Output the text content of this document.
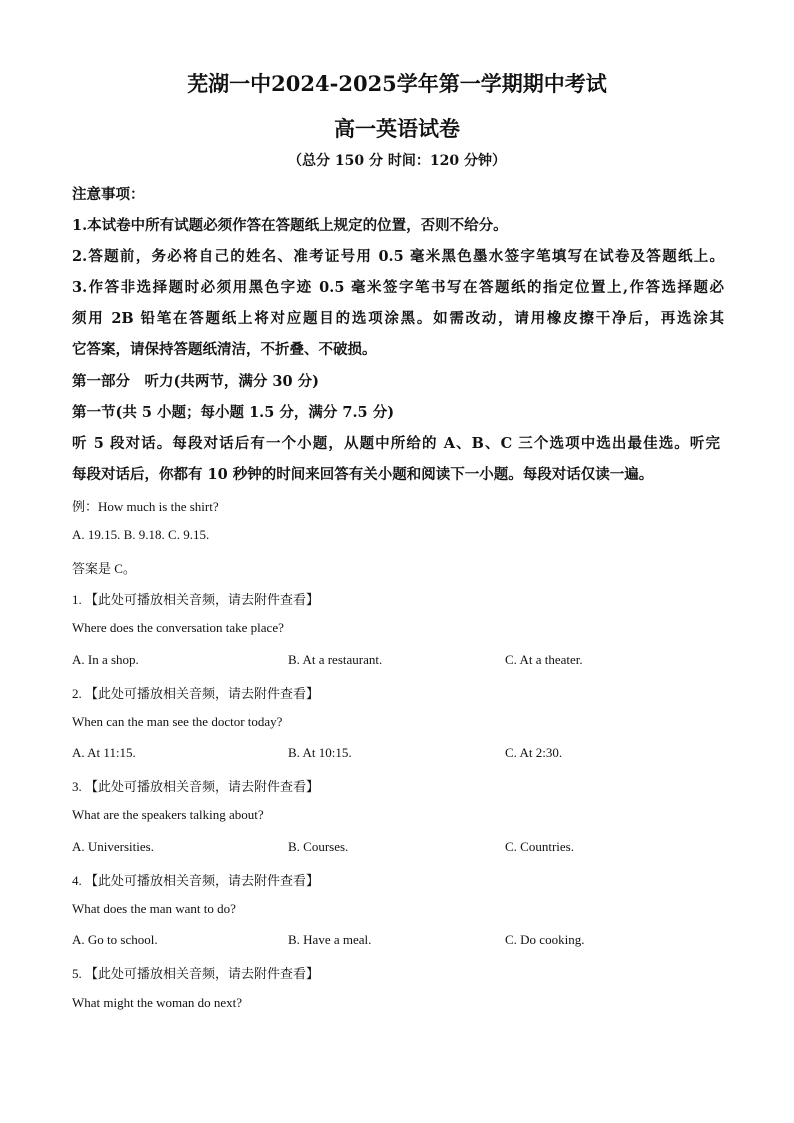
芜湖一中2024-2025学年第一学期期中考试
高一英语试卷
（总分 150 分 时间：120 分钟）
注意事项：
1.本试卷中所有试题必须作答在答题纸上规定的位置，否则不给分。
2.答题前，务必将自己的姓名、准考证号用 0.5 毫米黑色墨水签字笔填写在试卷及答题纸上。
3.作答非选择题时必须用黑色字迹 0.5 毫米签字笔书写在答题纸的指定位置上,作答选择题必
须用 2B 铅笔在答题纸上将对应题目的选项涂黑。如需改动，请用橡皮擦干净后，再选涂其
它答案，请保持答题纸清洁，不折叠、不破损。
第一部分　听力(共两节，满分 30 分)
第一节(共 5 小题；每小题 1.5 分，满分 7.5 分)
听 5 段对话。每段对话后有一个小题，从题中所给的 A、B、C 三个选项中选出最佳选。听完
每段对话后，你都有 10 秒钟的时间来回答有关小题和阅读下一小题。每段对话仅读一遍。
例：How much is the shirt?
A. 19.15. B. 9.18. C. 9.15.
答案是 C。
1. 【此处可播放相关音频，请去附件查看】
Where does the conversation take place?
A. In a shop.	B. At a restaurant.	C. At a theater.
2. 【此处可播放相关音频，请去附件查看】
When can the man see the doctor today?
A. At 11:15.	B. At 10:15.	C. At 2:30.
3. 【此处可播放相关音频，请去附件查看】
What are the speakers talking about?
A. Universities.	B. Courses.	C. Countries.
4. 【此处可播放相关音频，请去附件查看】
What does the man want to do?
A. Go to school.	B. Have a meal.	C. Do cooking.
5. 【此处可播放相关音频，请去附件查看】
What might the woman do next?
